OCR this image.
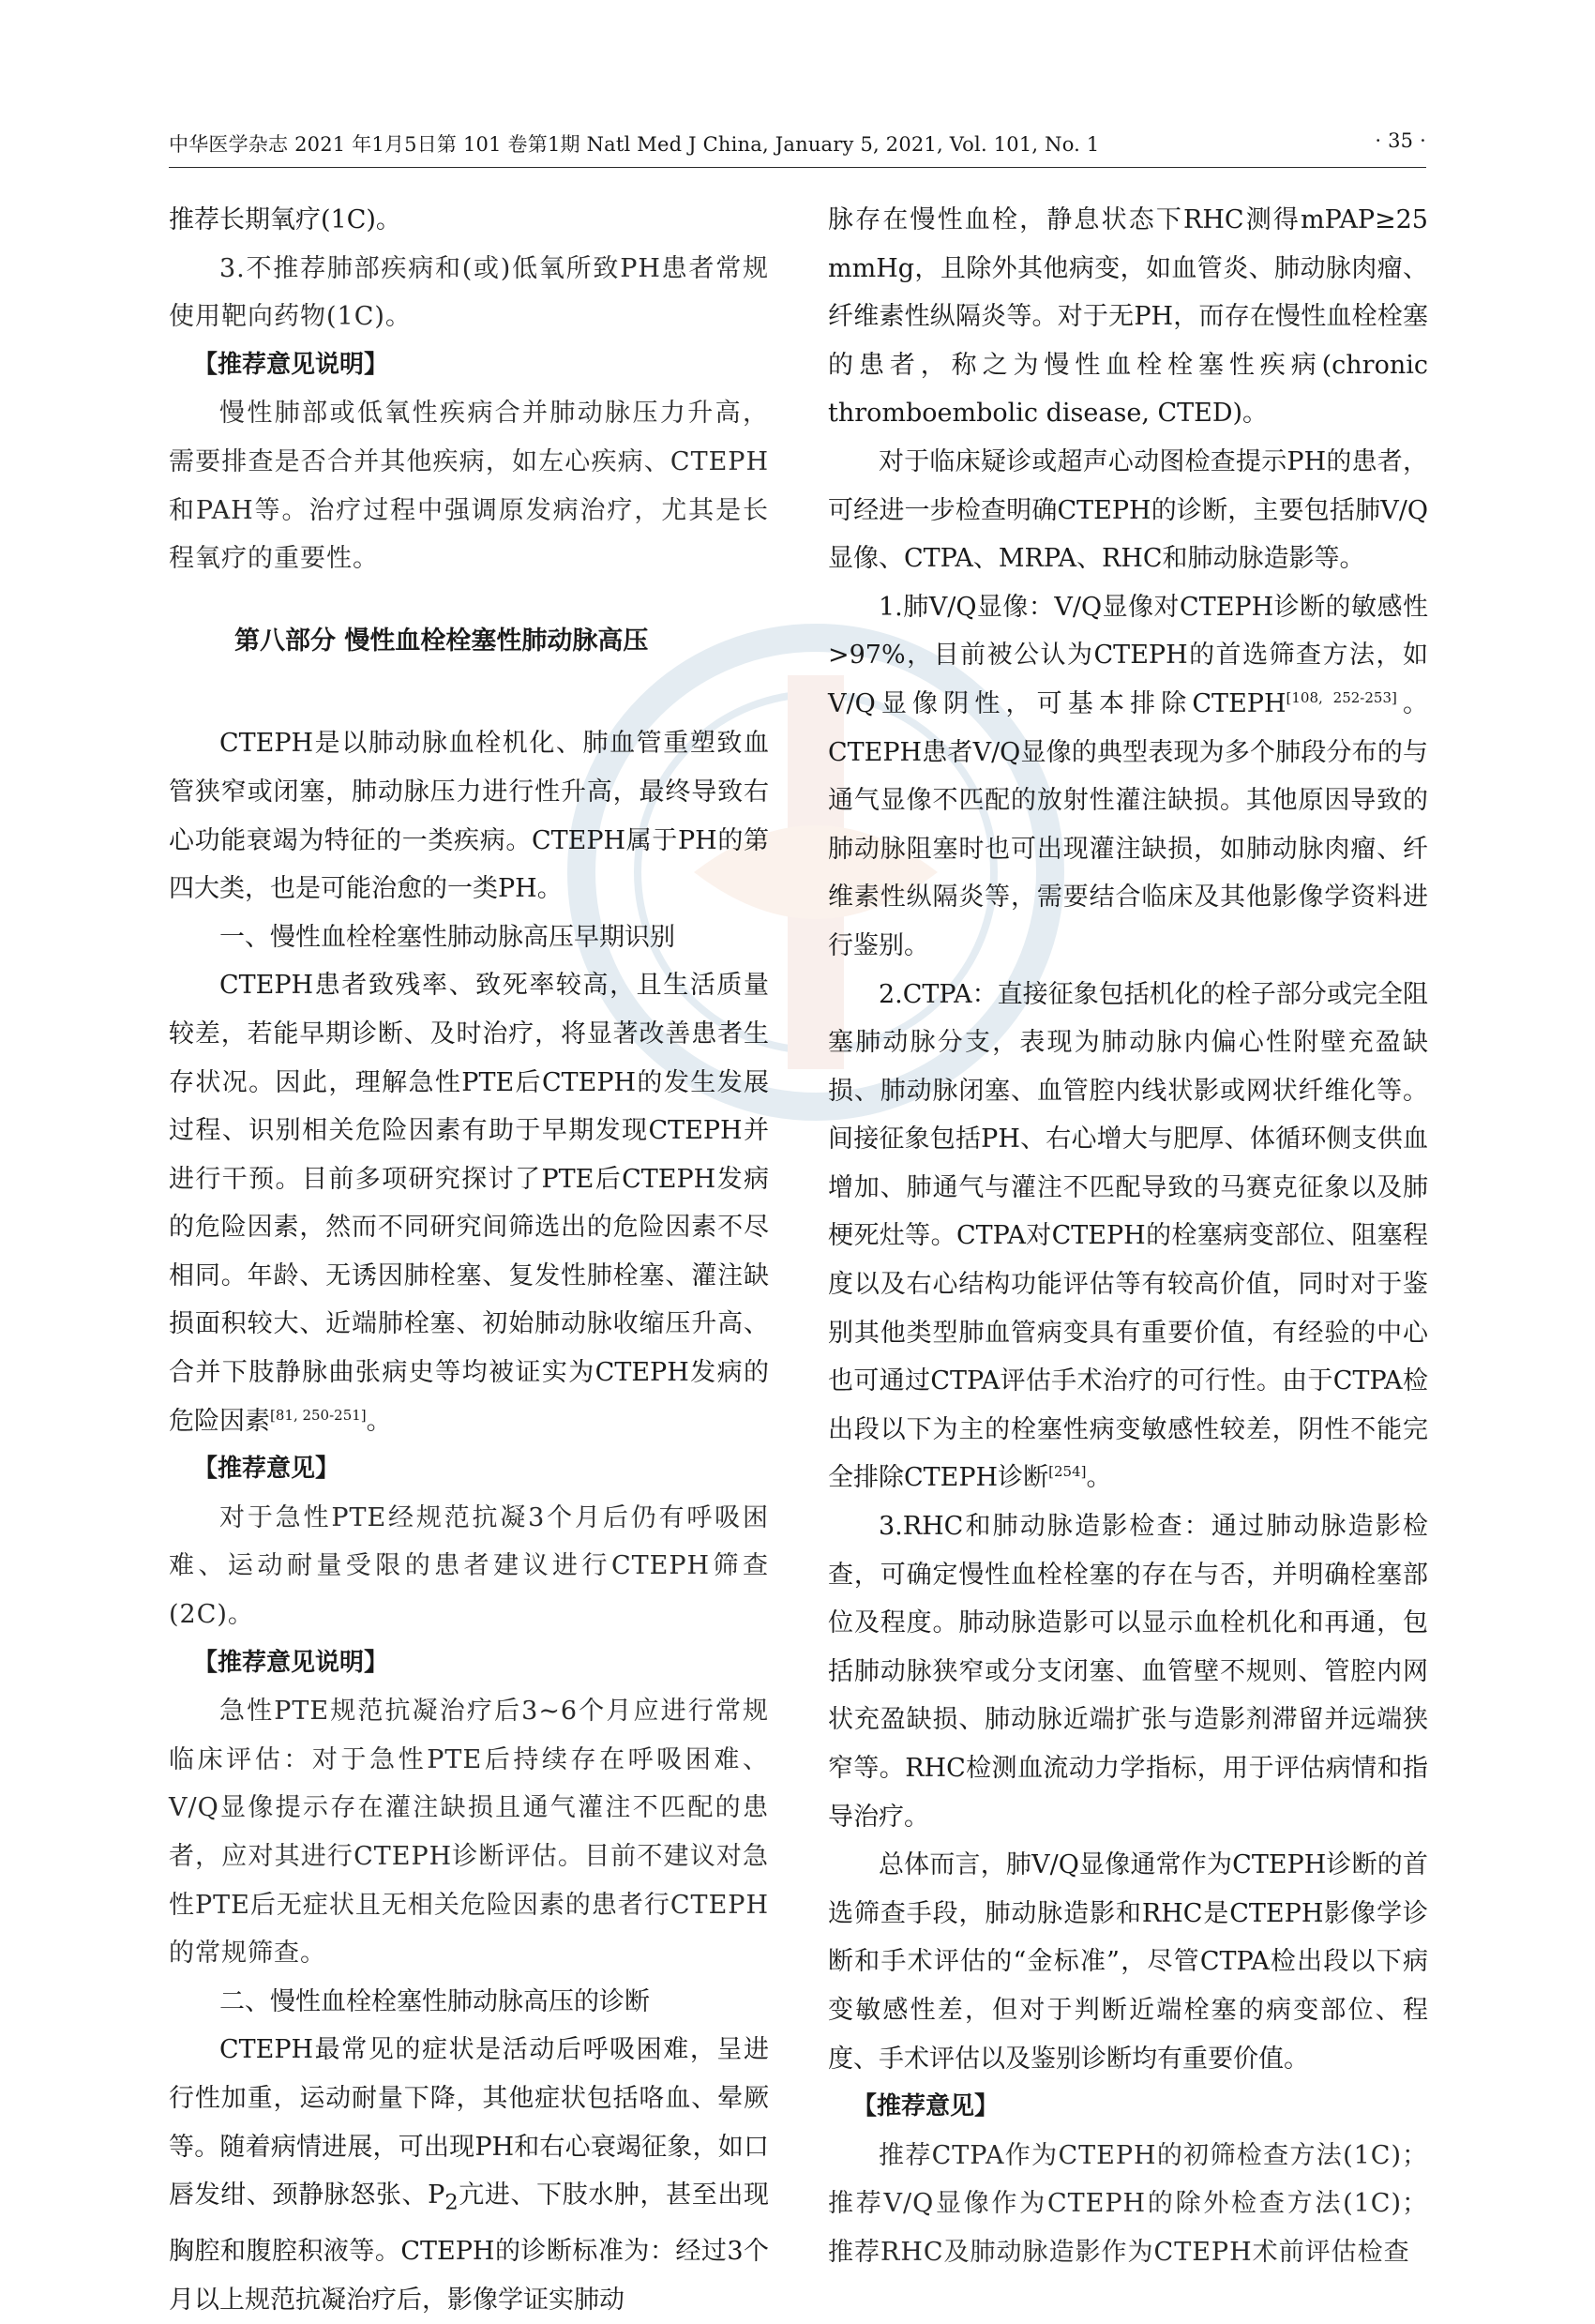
中华医学杂志 2021 年1月5日第 101 卷第1期 Natl Med J China, January 5, 2021, Vol. 101, No. 1	· 35 ·

推荐长期氧疗(1C)。

3.不推荐肺部疾病和(或)低氧所致PH患者常规使用靶向药物(1C)。

【推荐意见说明】

慢性肺部或低氧性疾病合并肺动脉压力升高，需要排查是否合并其他疾病，如左心疾病、CTEPH和PAH等。治疗过程中强调原发病治疗，尤其是长程氧疗的重要性。

第八部分 慢性血栓栓塞性肺动脉高压

CTEPH是以肺动脉血栓机化、肺血管重塑致血管狭窄或闭塞，肺动脉压力进行性升高，最终导致右心功能衰竭为特征的一类疾病。CTEPH属于PH的第四大类，也是可能治愈的一类PH。

一、慢性血栓栓塞性肺动脉高压早期识别

CTEPH患者致残率、致死率较高，且生活质量较差，若能早期诊断、及时治疗，将显著改善患者生存状况。因此，理解急性PTE后CTEPH的发生发展过程、识别相关危险因素有助于早期发现CTEPH并进行干预。目前多项研究探讨了PTE后CTEPH发病的危险因素，然而不同研究间筛选出的危险因素不尽相同。年龄、无诱因肺栓塞、复发性肺栓塞、灌注缺损面积较大、近端肺栓塞、初始肺动脉收缩压升高、合并下肢静脉曲张病史等均被证实为CTEPH发病的危险因素[81, 250-251]。

【推荐意见】

对于急性PTE经规范抗凝3个月后仍有呼吸困难、运动耐量受限的患者建议进行CTEPH筛查(2C)。

【推荐意见说明】

急性PTE规范抗凝治疗后3~6个月应进行常规临床评估：对于急性PTE后持续存在呼吸困难、V/Q显像提示存在灌注缺损且通气灌注不匹配的患者，应对其进行CTEPH诊断评估。目前不建议对急性PTE后无症状且无相关危险因素的患者行CTEPH的常规筛查。

二、慢性血栓栓塞性肺动脉高压的诊断

CTEPH最常见的症状是活动后呼吸困难，呈进行性加重，运动耐量下降，其他症状包括咯血、晕厥等。随着病情进展，可出现PH和右心衰竭征象，如口唇发绀、颈静脉怒张、$P_2$亢进、下肢水肿，甚至出现胸腔和腹腔积液等。CTEPH的诊断标准为：经过3个月以上规范抗凝治疗后，影像学证实肺动

脉存在慢性血栓，静息状态下RHC测得mPAP≥25 mmHg，且除外其他病变，如血管炎、肺动脉肉瘤、纤维素性纵隔炎等。对于无PH，而存在慢性血栓栓塞的患者，称之为慢性血栓栓塞性疾病(chronic thromboembolic disease, CTED)。

对于临床疑诊或超声心动图检查提示PH的患者，可经进一步检查明确CTEPH的诊断，主要包括肺V/Q显像、CTPA、MRPA、RHC和肺动脉造影等。

1.肺V/Q显像：V/Q显像对CTEPH诊断的敏感性>97%，目前被公认为CTEPH的首选筛查方法，如V/Q显像阴性，可基本排除CTEPH[108, 252-253]。CTEPH患者V/Q显像的典型表现为多个肺段分布的与通气显像不匹配的放射性灌注缺损。其他原因导致的肺动脉阻塞时也可出现灌注缺损，如肺动脉肉瘤、纤维素性纵隔炎等，需要结合临床及其他影像学资料进行鉴别。

2.CTPA：直接征象包括机化的栓子部分或完全阻塞肺动脉分支，表现为肺动脉内偏心性附壁充盈缺损、肺动脉闭塞、血管腔内线状影或网状纤维化等。间接征象包括PH、右心增大与肥厚、体循环侧支供血增加、肺通气与灌注不匹配导致的马赛克征象以及肺梗死灶等。CTPA对CTEPH的栓塞病变部位、阻塞程度以及右心结构功能评估等有较高价值，同时对于鉴别其他类型肺血管病变具有重要价值，有经验的中心也可通过CTPA评估手术治疗的可行性。由于CTPA检出段以下为主的栓塞性病变敏感性较差，阴性不能完全排除CTEPH诊断[254]。

3.RHC和肺动脉造影检查：通过肺动脉造影检查，可确定慢性血栓栓塞的存在与否，并明确栓塞部位及程度。肺动脉造影可以显示血栓机化和再通，包括肺动脉狭窄或分支闭塞、血管壁不规则、管腔内网状充盈缺损、肺动脉近端扩张与造影剂滞留并远端狭窄等。RHC检测血流动力学指标，用于评估病情和指导治疗。

总体而言，肺V/Q显像通常作为CTEPH诊断的首选筛查手段，肺动脉造影和RHC是CTEPH影像学诊断和手术评估的“金标准”，尽管CTPA检出段以下病变敏感性差，但对于判断近端栓塞的病变部位、程度、手术评估以及鉴别诊断均有重要价值。

【推荐意见】

推荐CTPA作为CTEPH的初筛检查方法(1C)；推荐V/Q显像作为CTEPH的除外检查方法(1C)；推荐RHC及肺动脉造影作为CTEPH术前评估检查
